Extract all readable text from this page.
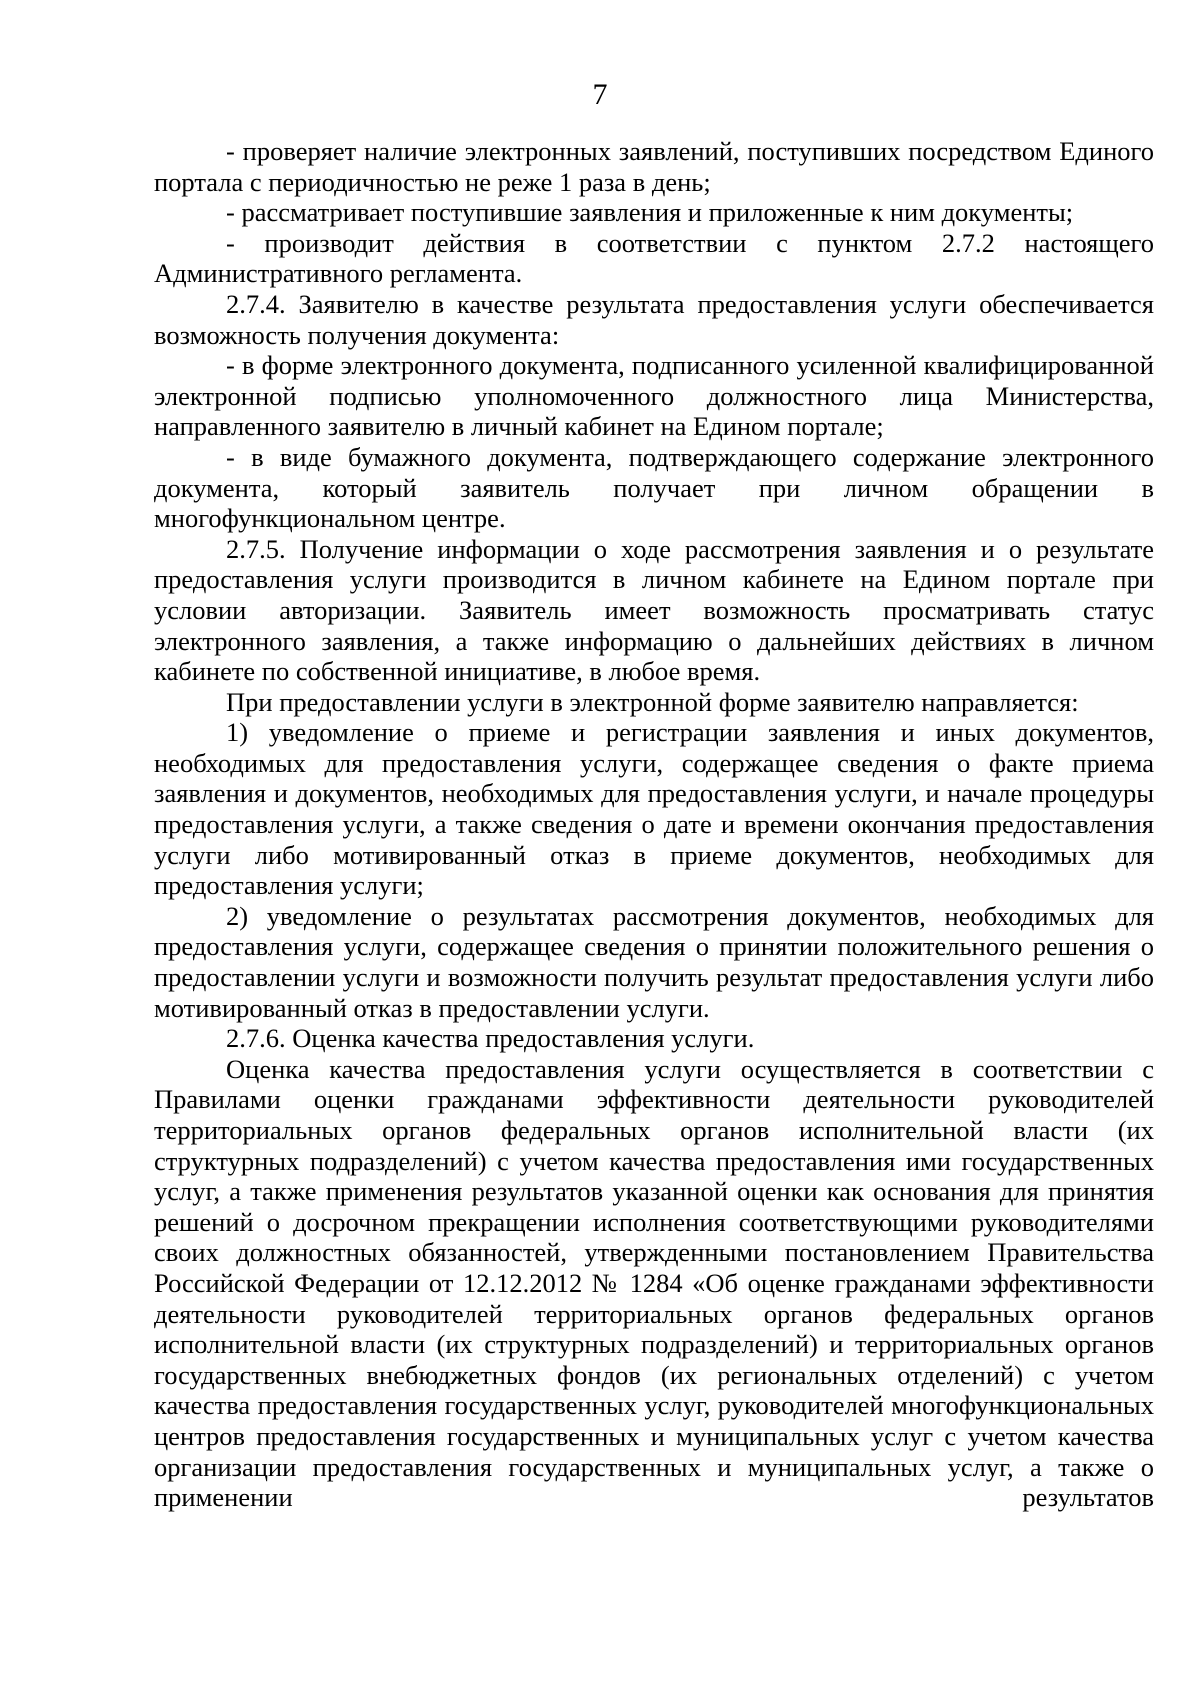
7

- проверяет наличие электронных заявлений, поступивших посредством Единого портала с периодичностью не реже 1 раза в день;

- рассматривает поступившие заявления и приложенные к ним документы;

- производит действия в соответствии с пунктом 2.7.2 настоящего Административного регламента.

2.7.4. Заявителю в качестве результата предоставления услуги обеспечивается возможность получения документа:

- в форме электронного документа, подписанного усиленной квалифицированной электронной подписью уполномоченного должностного лица Министерства, направленного заявителю в личный кабинет на Едином портале;

- в виде бумажного документа, подтверждающего содержание электронного документа, который заявитель получает при личном обращении в многофункциональном центре.

2.7.5. Получение информации о ходе рассмотрения заявления и о результате предоставления услуги производится в личном кабинете на Едином портале при условии авторизации. Заявитель имеет возможность просматривать статус электронного заявления, а также информацию о дальнейших действиях в личном кабинете по собственной инициативе, в любое время.

При предоставлении услуги в электронной форме заявителю направляется:

1) уведомление о приеме и регистрации заявления и иных документов, необходимых для предоставления услуги, содержащее сведения о факте приема заявления и документов, необходимых для предоставления услуги, и начале процедуры предоставления услуги, а также сведения о дате и времени окончания предоставления услуги либо мотивированный отказ в приеме документов, необходимых для предоставления услуги;

2) уведомление о результатах рассмотрения документов, необходимых для предоставления услуги, содержащее сведения о принятии положительного решения о предоставлении услуги и возможности получить результат предоставления услуги либо мотивированный отказ в предоставлении услуги.

2.7.6. Оценка качества предоставления услуги.

Оценка качества предоставления услуги осуществляется в соответствии с Правилами оценки гражданами эффективности деятельности руководителей территориальных органов федеральных органов исполнительной власти (их структурных подразделений) с учетом качества предоставления ими государственных услуг, а также применения результатов указанной оценки как основания для принятия решений о досрочном прекращении исполнения соответствующими руководителями своих должностных обязанностей, утвержденными постановлением Правительства Российской Федерации от 12.12.2012 № 1284 «Об оценке гражданами эффективности деятельности руководителей территориальных органов федеральных органов исполнительной власти (их структурных подразделений) и территориальных органов государственных внебюджетных фондов (их региональных отделений) с учетом качества предоставления государственных услуг, руководителей многофункциональных центров предоставления государственных и муниципальных услуг с учетом качества организации предоставления государственных и муниципальных услуг, а также о применении результатов
